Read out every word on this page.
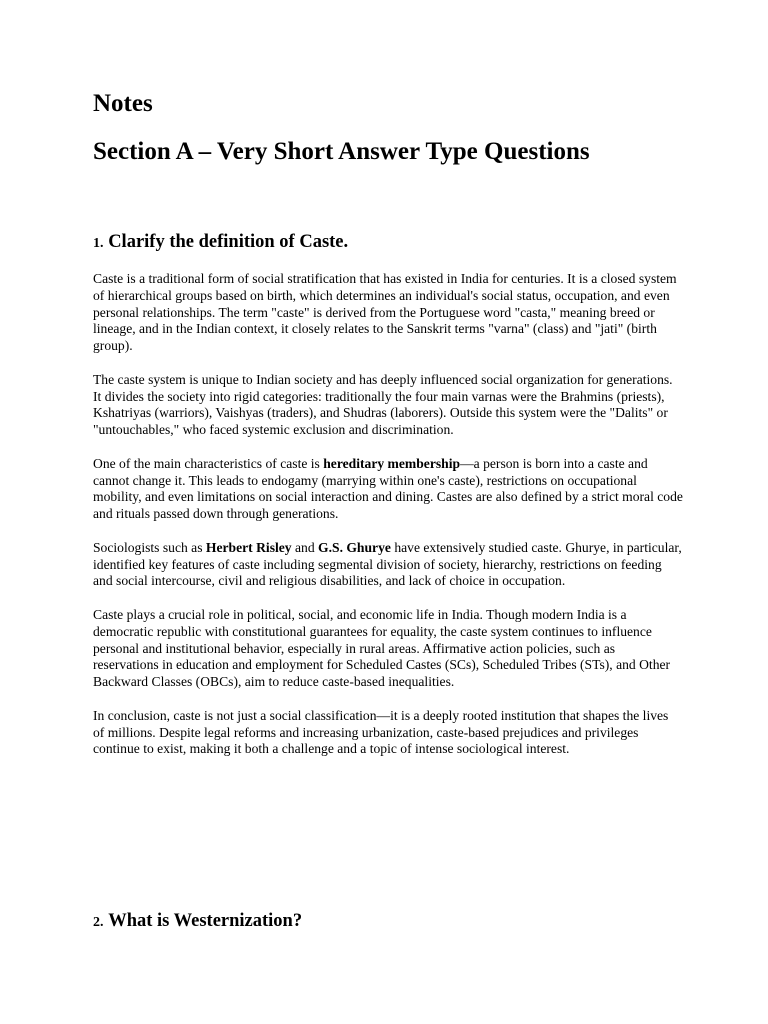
Notes
Section A – Very Short Answer Type Questions
1. Clarify the definition of Caste.

Caste is a traditional form of social stratification that has existed in India for centuries. It is a closed system of hierarchical groups based on birth, which determines an individual's social status, occupation, and even personal relationships. The term "caste" is derived from the Portuguese word "casta," meaning breed or lineage, and in the Indian context, it closely relates to the Sanskrit terms "varna" (class) and "jati" (birth group).

The caste system is unique to Indian society and has deeply influenced social organization for generations. It divides the society into rigid categories: traditionally the four main varnas were the Brahmins (priests), Kshatriyas (warriors), Vaishyas (traders), and Shudras (laborers). Outside this system were the "Dalits" or "untouchables," who faced systemic exclusion and discrimination.

One of the main characteristics of caste is hereditary membership—a person is born into a caste and cannot change it. This leads to endogamy (marrying within one's caste), restrictions on occupational mobility, and even limitations on social interaction and dining. Castes are also defined by a strict moral code and rituals passed down through generations.

Sociologists such as Herbert Risley and G.S. Ghurye have extensively studied caste. Ghurye, in particular, identified key features of caste including segmental division of society, hierarchy, restrictions on feeding and social intercourse, civil and religious disabilities, and lack of choice in occupation.

Caste plays a crucial role in political, social, and economic life in India. Though modern India is a democratic republic with constitutional guarantees for equality, the caste system continues to influence personal and institutional behavior, especially in rural areas. Affirmative action policies, such as reservations in education and employment for Scheduled Castes (SCs), Scheduled Tribes (STs), and Other Backward Classes (OBCs), aim to reduce caste-based inequalities.

In conclusion, caste is not just a social classification—it is a deeply rooted institution that shapes the lives of millions. Despite legal reforms and increasing urbanization, caste-based prejudices and privileges continue to exist, making it both a challenge and a topic of intense sociological interest.

2. What is Westernization?
